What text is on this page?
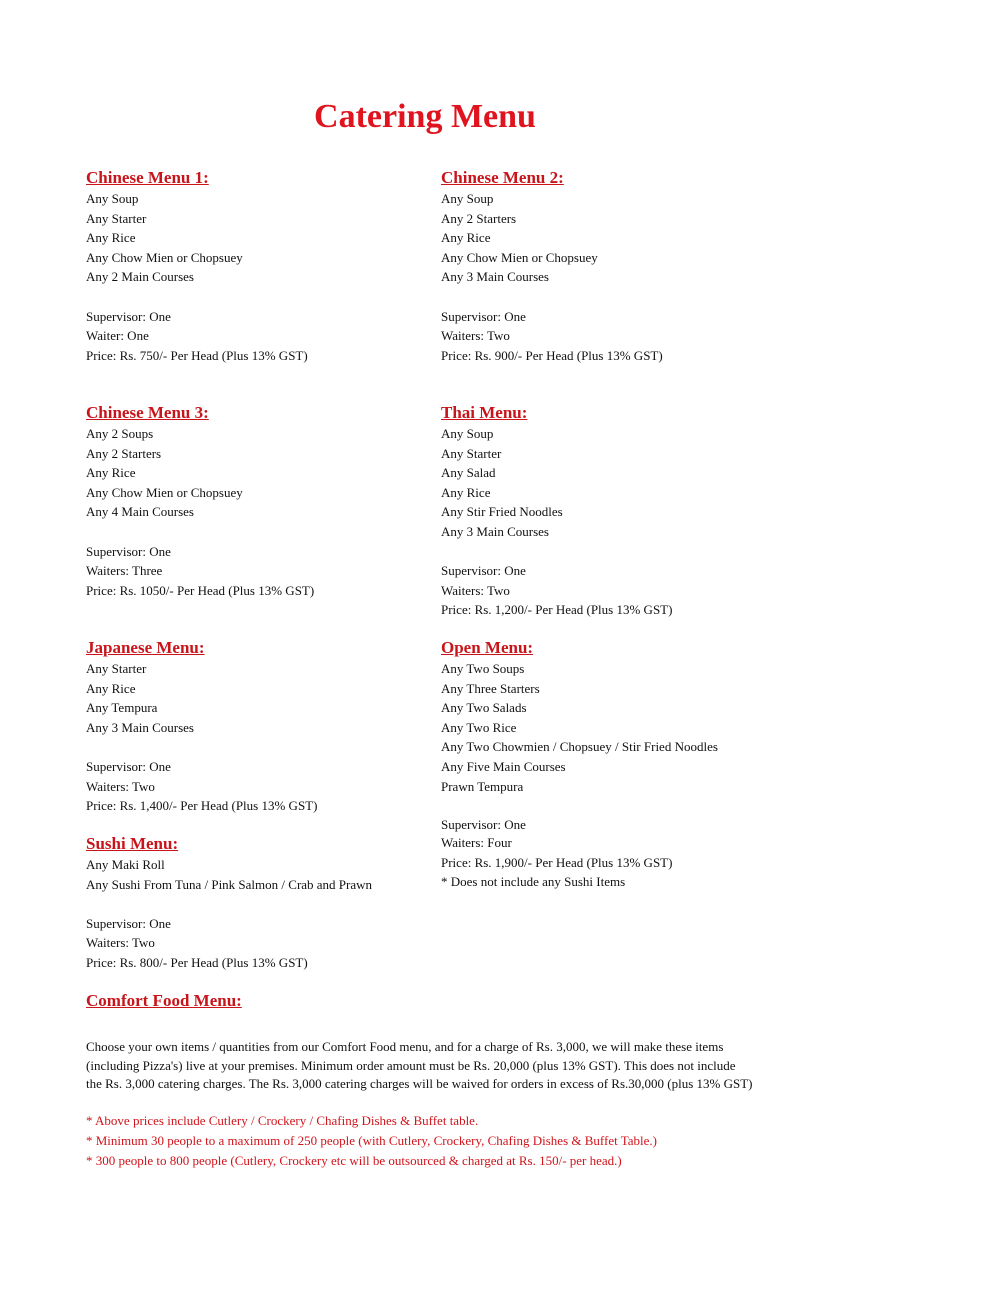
Catering Menu
Chinese Menu 1:
Any Soup
Any Starter
Any Rice
Any Chow Mien or Chopsuey
Any 2 Main Courses
Supervisor: One
Waiter: One
Price: Rs. 750/- Per Head (Plus 13% GST)
Chinese Menu 2:
Any Soup
Any 2 Starters
Any Rice
Any Chow Mien or Chopsuey
Any 3 Main Courses
Supervisor: One
Waiters: Two
Price: Rs. 900/- Per Head (Plus 13% GST)
Chinese Menu 3:
Any 2 Soups
Any 2 Starters
Any Rice
Any Chow Mien or Chopsuey
Any 4 Main Courses
Supervisor: One
Waiters: Three
Price: Rs. 1050/- Per Head (Plus 13% GST)
Thai Menu:
Any Soup
Any Starter
Any Salad
Any Rice
Any Stir Fried Noodles
Any 3 Main Courses
Supervisor: One
Waiters: Two
Price: Rs. 1,200/- Per Head (Plus 13% GST)
Japanese Menu:
Any Starter
Any Rice
Any Tempura
Any 3 Main Courses
Supervisor: One
Waiters: Two
Price: Rs. 1,400/- Per Head (Plus 13% GST)
Open Menu:
Any Two Soups
Any Three Starters
Any Two Salads
Any Two Rice
Any Two Chowmien / Chopsuey / Stir Fried Noodles
Any Five Main Courses
Prawn Tempura
Supervisor: One
Waiters: Four
Price: Rs. 1,900/- Per Head (Plus 13% GST)
* Does not include any Sushi Items
Sushi Menu:
Any Maki Roll
Any Sushi From Tuna / Pink Salmon / Crab and Prawn
Supervisor: One
Waiters: Two
Price: Rs. 800/- Per Head (Plus 13% GST)
Comfort Food Menu:
Choose your own items / quantities from our Comfort Food menu, and for a charge of Rs. 3,000, we will make these items
(including Pizza's) live at your premises. Minimum order amount must be Rs. 20,000 (plus 13% GST). This does not include
the Rs. 3,000 catering charges. The Rs. 3,000 catering charges will be waived for orders in excess of Rs.30,000 (plus 13% GST)
* Above prices include Cutlery / Crockery / Chafing Dishes & Buffet table.
* Minimum 30 people to a maximum of 250 people (with Cutlery, Crockery, Chafing Dishes & Buffet Table.)
* 300 people to 800 people (Cutlery, Crockery etc will be outsourced & charged at Rs. 150/- per head.)
